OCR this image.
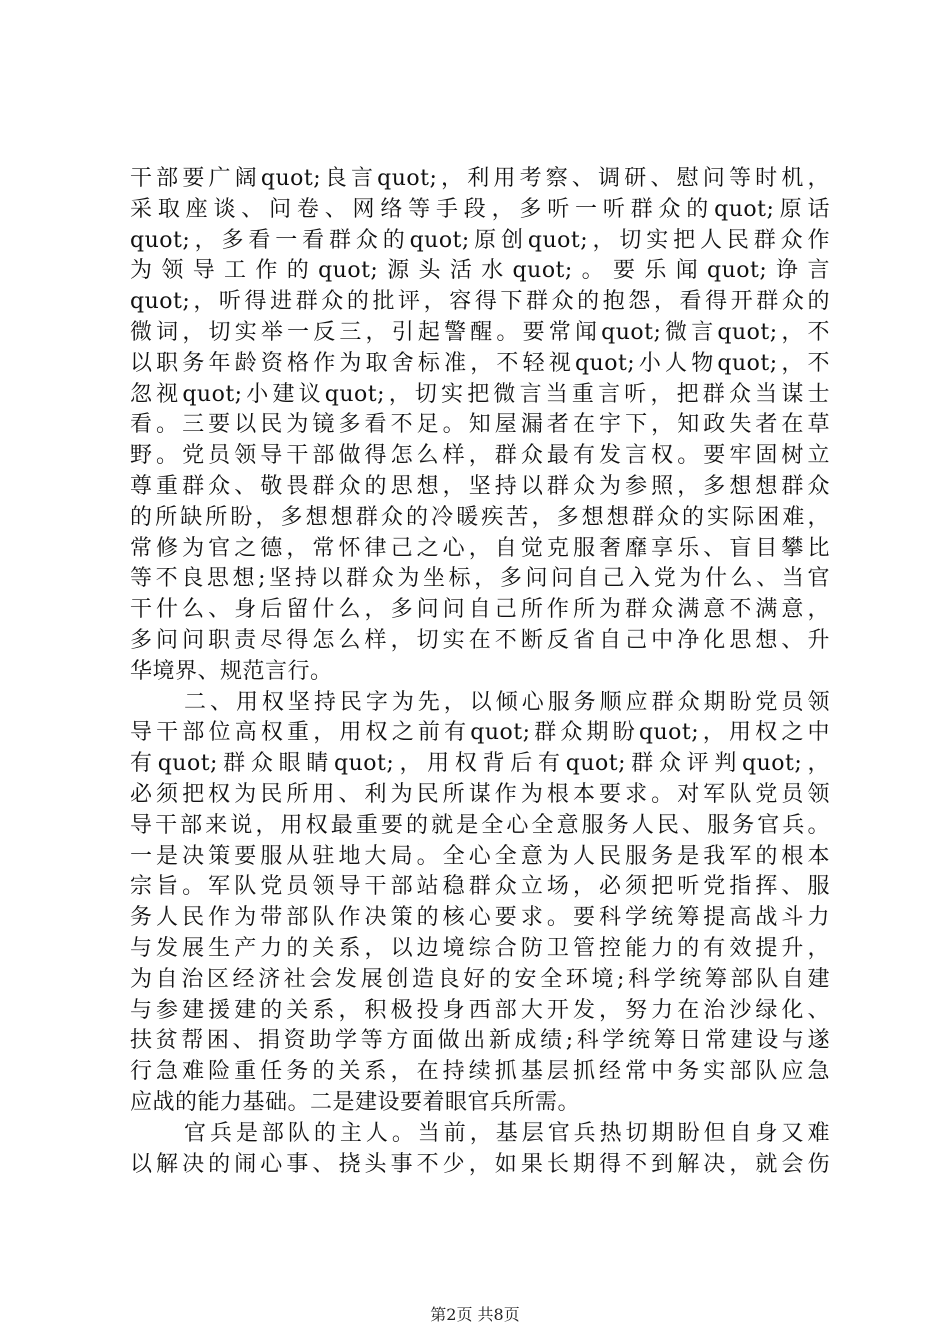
干部要广阔quot;良言quot;，利用考察、调研、慰问等时机，
采取座谈、问卷、网络等手段，多听一听群众的quot;原话
quot;，多看一看群众的quot;原创quot;，切实把人民群众作
为领导工作的quot;源头活水quot;。要乐闻quot;诤言
quot;，听得进群众的批评，容得下群众的抱怨，看得开群众的
微词，切实举一反三，引起警醒。要常闻quot;微言quot;，不
以职务年龄资格作为取舍标准，不轻视quot;小人物quot;，不
忽视quot;小建议quot;，切实把微言当重言听，把群众当谋士
看。三要以民为镜多看不足。知屋漏者在宇下，知政失者在草
野。党员领导干部做得怎么样，群众最有发言权。要牢固树立
尊重群众、敬畏群众的思想，坚持以群众为参照，多想想群众
的所缺所盼，多想想群众的冷暖疾苦，多想想群众的实际困难，
常修为官之德，常怀律己之心，自觉克服奢靡享乐、盲目攀比
等不良思想;坚持以群众为坐标，多问问自己入党为什么、当官
干什么、身后留什么，多问问自己所作所为群众满意不满意，
多问问职责尽得怎么样，切实在不断反省自己中净化思想、升
华境界、规范言行。
二、用权坚持民字为先，以倾心服务顺应群众期盼党员领
导干部位高权重，用权之前有quot;群众期盼quot;，用权之中
有quot;群众眼睛quot;，用权背后有quot;群众评判quot;，
必须把权为民所用、利为民所谋作为根本要求。对军队党员领
导干部来说，用权最重要的就是全心全意服务人民、服务官兵。
一是决策要服从驻地大局。全心全意为人民服务是我军的根本
宗旨。军队党员领导干部站稳群众立场，必须把听党指挥、服
务人民作为带部队作决策的核心要求。要科学统筹提高战斗力
与发展生产力的关系，以边境综合防卫管控能力的有效提升，
为自治区经济社会发展创造良好的安全环境;科学统筹部队自建
与参建援建的关系，积极投身西部大开发，努力在治沙绿化、
扶贫帮困、捐资助学等方面做出新成绩;科学统筹日常建设与遂
行急难险重任务的关系，在持续抓基层抓经常中务实部队应急
应战的能力基础。二是建设要着眼官兵所需。
官兵是部队的主人。当前，基层官兵热切期盼但自身又难
以解决的闹心事、挠头事不少，如果长期得不到解决，就会伤
第2页 共8页
